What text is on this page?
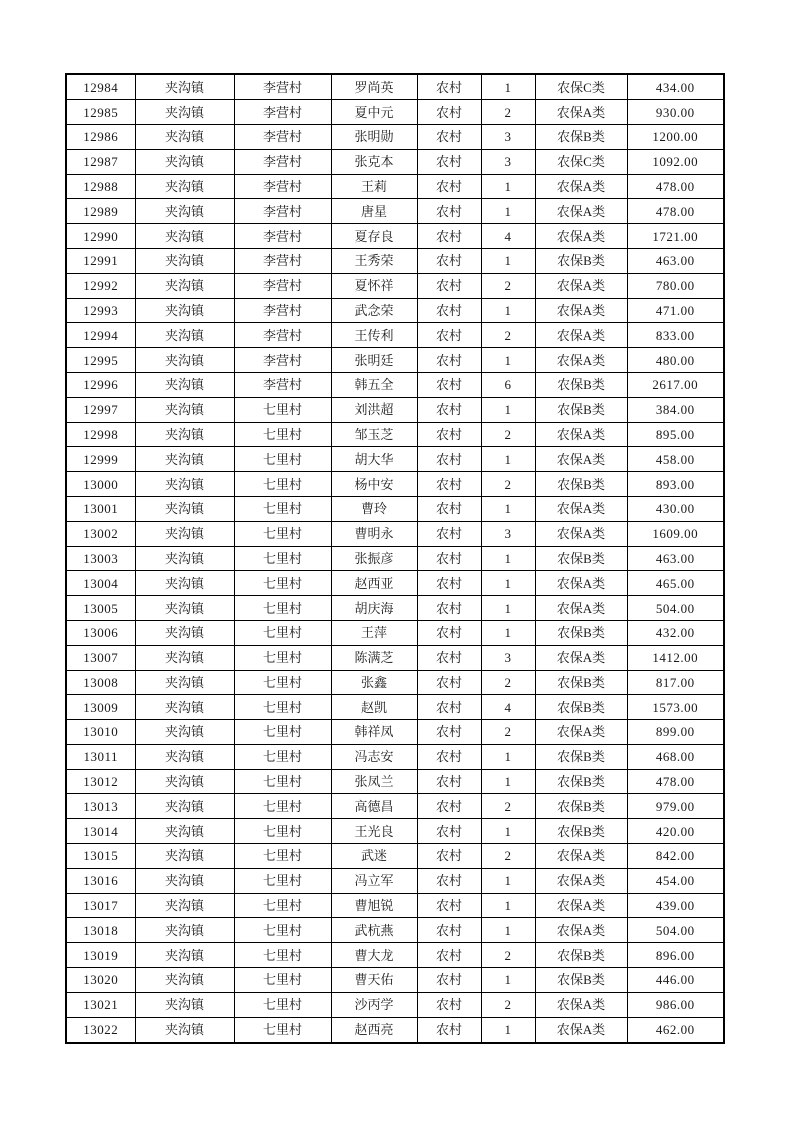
12984	夹沟镇	李营村	罗尚英	农村	1	农保C类	434.00
12985	夹沟镇	李营村	夏中元	农村	2	农保A类	930.00
12986	夹沟镇	李营村	张明勋	农村	3	农保B类	1200.00
12987	夹沟镇	李营村	张克本	农村	3	农保C类	1092.00
12988	夹沟镇	李营村	王莉	农村	1	农保A类	478.00
12989	夹沟镇	李营村	唐星	农村	1	农保A类	478.00
12990	夹沟镇	李营村	夏存良	农村	4	农保A类	1721.00
12991	夹沟镇	李营村	王秀荣	农村	1	农保B类	463.00
12992	夹沟镇	李营村	夏怀祥	农村	2	农保A类	780.00
12993	夹沟镇	李营村	武念荣	农村	1	农保A类	471.00
12994	夹沟镇	李营村	王传利	农村	2	农保A类	833.00
12995	夹沟镇	李营村	张明廷	农村	1	农保A类	480.00
12996	夹沟镇	李营村	韩五全	农村	6	农保B类	2617.00
12997	夹沟镇	七里村	刘洪超	农村	1	农保B类	384.00
12998	夹沟镇	七里村	邹玉芝	农村	2	农保A类	895.00
12999	夹沟镇	七里村	胡大华	农村	1	农保A类	458.00
13000	夹沟镇	七里村	杨中安	农村	2	农保B类	893.00
13001	夹沟镇	七里村	曹玲	农村	1	农保A类	430.00
13002	夹沟镇	七里村	曹明永	农村	3	农保A类	1609.00
13003	夹沟镇	七里村	张振彦	农村	1	农保B类	463.00
13004	夹沟镇	七里村	赵西亚	农村	1	农保A类	465.00
13005	夹沟镇	七里村	胡庆海	农村	1	农保A类	504.00
13006	夹沟镇	七里村	王萍	农村	1	农保B类	432.00
13007	夹沟镇	七里村	陈满芝	农村	3	农保A类	1412.00
13008	夹沟镇	七里村	张鑫	农村	2	农保B类	817.00
13009	夹沟镇	七里村	赵凯	农村	4	农保B类	1573.00
13010	夹沟镇	七里村	韩祥凤	农村	2	农保A类	899.00
13011	夹沟镇	七里村	冯志安	农村	1	农保B类	468.00
13012	夹沟镇	七里村	张凤兰	农村	1	农保B类	478.00
13013	夹沟镇	七里村	高德昌	农村	2	农保B类	979.00
13014	夹沟镇	七里村	王光良	农村	1	农保B类	420.00
13015	夹沟镇	七里村	武迷	农村	2	农保A类	842.00
13016	夹沟镇	七里村	冯立军	农村	1	农保A类	454.00
13017	夹沟镇	七里村	曹旭锐	农村	1	农保A类	439.00
13018	夹沟镇	七里村	武杭燕	农村	1	农保A类	504.00
13019	夹沟镇	七里村	曹大龙	农村	2	农保B类	896.00
13020	夹沟镇	七里村	曹天佑	农村	1	农保B类	446.00
13021	夹沟镇	七里村	沙丙学	农村	2	农保A类	986.00
13022	夹沟镇	七里村	赵西亮	农村	1	农保A类	462.00
